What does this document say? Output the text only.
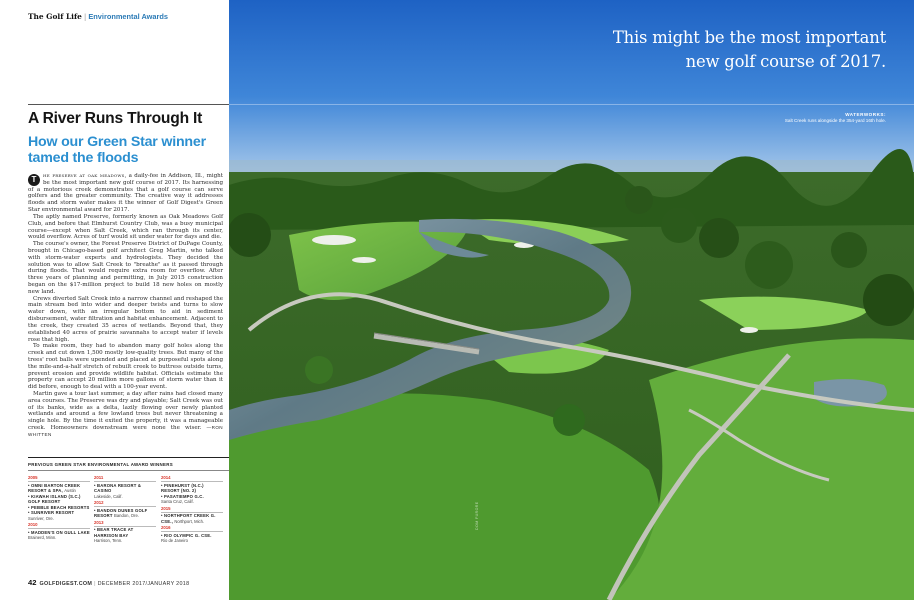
The Golf Life | Environmental Awards
A River Runs Through It
How our Green Star winner tamed the floods

T	he preserve at oak meadows, a daily-fee in Addison, Ill., might be the most important new golf course of 2017. Its harnessing of a motorious creek demonstrates that a golf course can serve golfers and the greater community. The creative way it addresses floods and storm water makes it the winner of Golf Digest's Green Star environmental award for 2017.

The aptly named Preserve, formerly known as Oak Meadows Golf Club, and before that Elmhurst Country Club, was a busy municipal course—except when Salt Creek, which ran through its center, would overflow. Acres of turf would sit under water for days and die.

The course's owner, the Forest Preserve District of DuPage County, brought in Chicago-based golf architect Greg Martin, who talked with storm-water experts and hydrologists. They decided the solution was to allow Salt Creek to "breathe" as it passed through during floods. That would require extra room for overflow. After three years of planning and permitting, in July 2015 construction began on the $17-million project to build 18 new holes on mostly new land.

Crews diverted Salt Creek into a narrow channel and reshaped the main stream bed into wider and deeper twists and turns to slow water down, with an irregular bottom to aid in sediment disbursement, water filtration and habitat enhancement. Adjacent to the creek, they created 35 acres of wetlands. Beyond that, they established 40 acres of prairie savannahs to accept water if levels rose that high.

To make room, they had to abandon many golf holes along the creek and cut down 1,500 mostly low-quality trees. But many of the trees' root balls were upended and placed at purposeful spots along the mile-and-a-half stretch of rebuilt creek to buttress outside turns, prevent erosion and provide wildlife habitat. Officials estimate the property can accept 20 million more gallons of storm water than it did before, enough to deal with a 100-year event.

Martin gave a tour last summer, a day after rains had closed many area courses. The Preserve was dry and playable; Salt Creek was out of its banks, wide as a delta, lazily flowing over newly planted wetlands and around a few lowland trees but never threatening a single hole. By the time it exited the property, it was a manageable creek. Homeowners downstream were none the wiser. —RON WHITTEN

PREVIOUS GREEN STAR ENVIRONMENTAL AWARD WINNERS
2005
• OMNI BARTON CREEK RESORT & SPA, Austin
• KIAWAH ISLAND (S.C.) GOLF RESORT
• PEBBLE BEACH RESORTS
• SUNRIVER RESORT
Sunriver, Ore.
2010
• MADDEN'S ON GULL LAKE
Brainerd, Minn.
2011
• BARONA RESORT & CASINO
Lakeside, Calif.
2012
• BANDON DUNES GOLF RESORT Bandon, Ore.
2013
• BEAR TRACE AT HARRISON BAY
Harrison, Tenn.
2014
• PINEHURST (N.C.) RESORT (NO. 2)
• PASATIEMPO G.C.
Santa Cruz, Calif.
2015
• NORTHPORT CREEK G. CSE., Northport, Mich.
2016
• RIO OLYMPIC G. CSE.
Rio de Janeiro
42 GOLFDIGEST.COM | DECEMBER 2017/JANUARY 2018
This might be the most important
new golf course of 2017.
WATERWORKS:
Salt Creek runs alongside the 354-yard 16th hole.
DOM FURORE
